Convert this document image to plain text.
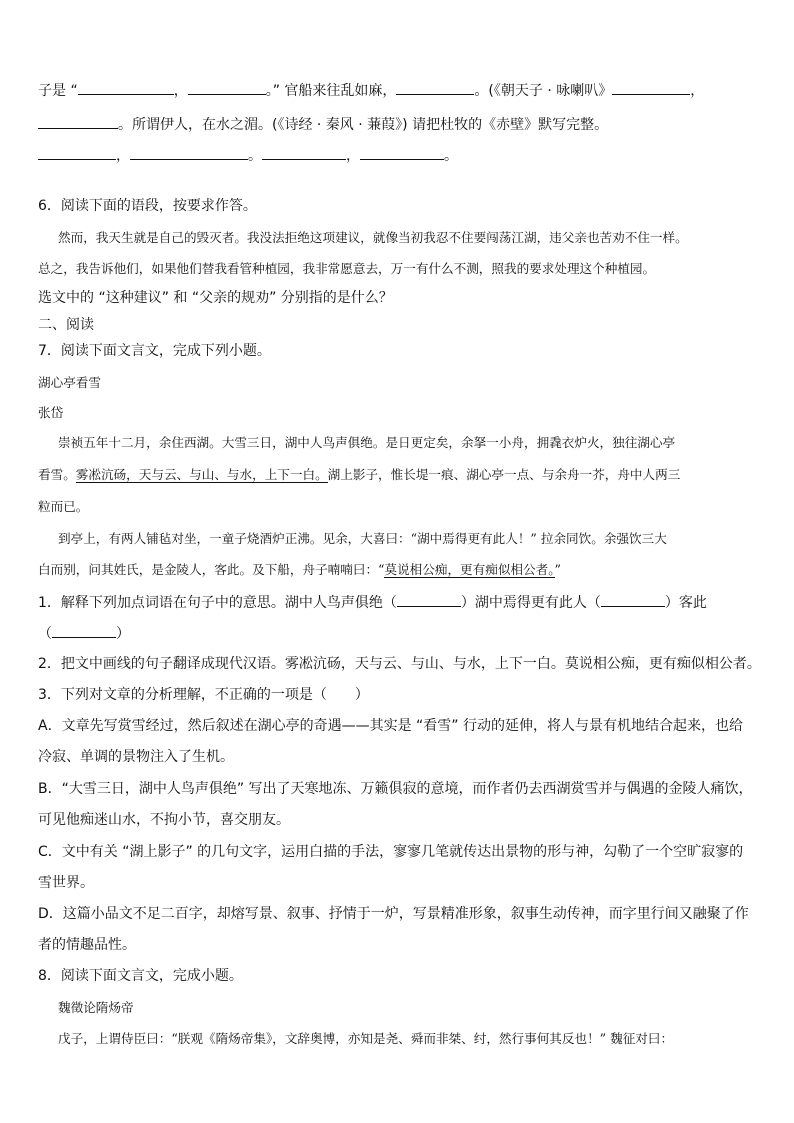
子是 “	，	。” 官船来往乱如麻，	。(《朝天子 · 咏喇叭》	，
。所谓伊人，在水之湄。(《诗经 · 秦风 · 蒹葭》) 请把杜牧的《赤壁》默写完整。
，	。	，	。
6．阅读下面的语段，按要求作答。
然而，我天生就是自己的毁灭者。我没法拒绝这项建议，就像当初我忍不住要闯荡江湖，违父亲也苦劝不住一样。
总之，我告诉他们，如果他们替我看管种植园，我非常愿意去，万一有什么不测，照我的要求处理这个种植园。
选文中的 “这种建议” 和 “父亲的规劝” 分别指的是什么？
二、阅读
7．阅读下面文言文，完成下列小题。
湖心亭看雪
张岱
崇祯五年十二月，余住西湖。大雪三日，湖中人鸟声俱绝。是日更定矣，余拏一小舟，拥毳衣炉火，独往湖心亭
看雪。雾凇沆砀，天与云、与山、与水，上下一白。湖上影子，惟长堤一痕、湖心亭一点、与余舟一芥，舟中人两三
粒而已。
到亭上，有两人铺毡对坐，一童子烧酒炉正沸。见余，大喜曰：“湖中焉得更有此人！” 拉余同饮。余强饮三大
白而别，问其姓氏，是金陵人，客此。及下船，舟子喃喃曰：“莫说相公痴，更有痴似相公者。”
1．解释下列加点词语在句子中的意思。湖中人鸟声俱绝（	）湖中焉得更有此人（	）客此
（	）
2．把文中画线的句子翻译成现代汉语。雾凇沆砀，天与云、与山、与水，上下一白。莫说相公痴，更有痴似相公者。
3．下列对文章的分析理解，不正确的一项是（　　）
A．文章先写赏雪经过，然后叙述在湖心亭的奇遇——其实是 “看雪” 行动的延伸，将人与景有机地结合起来，也给
冷寂、单调的景物注入了生机。
B．“大雪三日，湖中人鸟声俱绝” 写出了天寒地冻、万籁俱寂的意境，而作者仍去西湖赏雪并与偶遇的金陵人痛饮，
可见他痴迷山水，不拘小节，喜交朋友。
C．文中有关 “湖上影子” 的几句文字，运用白描的手法，寥寥几笔就传达出景物的形与神，勾勒了一个空旷寂寥的
雪世界。
D．这篇小品文不足二百字，却熔写景、叙事、抒情于一炉，写景精准形象，叙事生动传神，而字里行间又融聚了作
者的情趣品性。
8．阅读下面文言文，完成小题。
魏徵论隋炀帝
戊子，上谓侍臣曰：“朕观《隋炀帝集》，文辞奥博，亦知是尧、舜而非桀、纣，然行事何其反也！” 魏征对曰：
